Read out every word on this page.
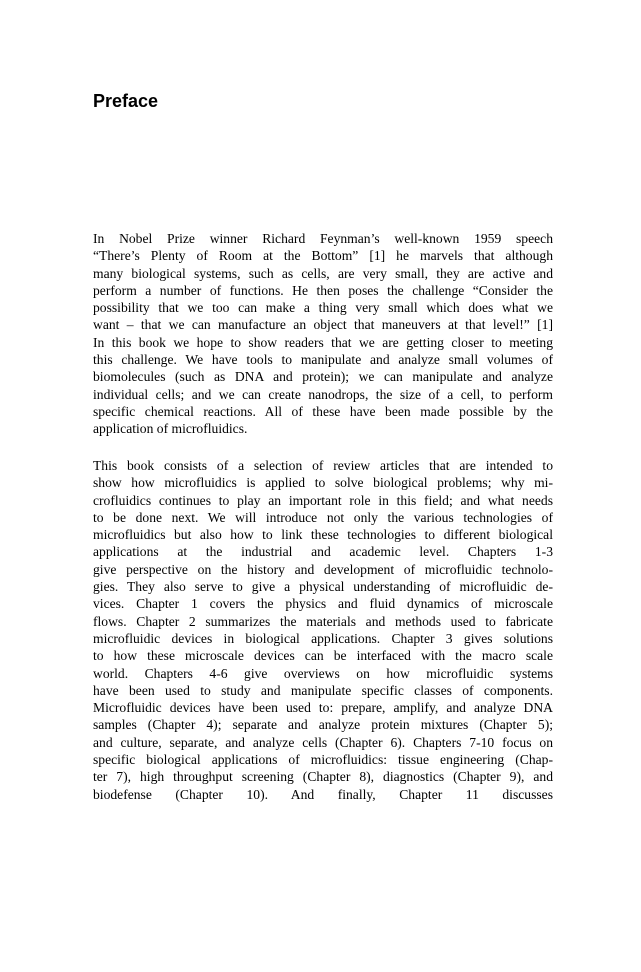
Preface
In Nobel Prize winner Richard Feynman’s well-known 1959 speech
“There’s Plenty of Room at the Bottom” [1] he marvels that although
many biological systems, such as cells, are very small, they are active and
perform a number of functions. He then poses the challenge “Consider the
possibility that we too can make a thing very small which does what we
want – that we can manufacture an object that maneuvers at that level!” [1]
In this book we hope to show readers that we are getting closer to meeting
this challenge. We have tools to manipulate and analyze small volumes of
biomolecules (such as DNA and protein); we can manipulate and analyze
individual cells; and we can create nanodrops, the size of a cell, to perform
specific chemical reactions. All of these have been made possible by the
application of microfluidics.
This book consists of a selection of review articles that are intended to
show how microfluidics is applied to solve biological problems; why mi-
crofluidics continues to play an important role in this field; and what needs
to be done next. We will introduce not only the various technologies of
microfluidics but also how to link these technologies to different biological
applications at the industrial and academic level. Chapters 1-3
give perspective on the history and development of microfluidic technolo-
gies. They also serve to give a physical understanding of microfluidic de-
vices. Chapter 1 covers the physics and fluid dynamics of microscale
flows. Chapter 2 summarizes the materials and methods used to fabricate
microfluidic devices in biological applications. Chapter 3 gives solutions
to how these microscale devices can be interfaced with the macro scale
world. Chapters 4-6 give overviews on how microfluidic systems
have been used to study and manipulate specific classes of components.
Microfluidic devices have been used to: prepare, amplify, and analyze DNA
samples (Chapter 4); separate and analyze protein mixtures (Chapter 5);
and culture, separate, and analyze cells (Chapter 6). Chapters 7-10 focus on
specific biological applications of microfluidics: tissue engineering (Chap-
ter 7), high throughput screening (Chapter 8), diagnostics (Chapter 9), and
biodefense (Chapter 10). And finally, Chapter 11 discusses
